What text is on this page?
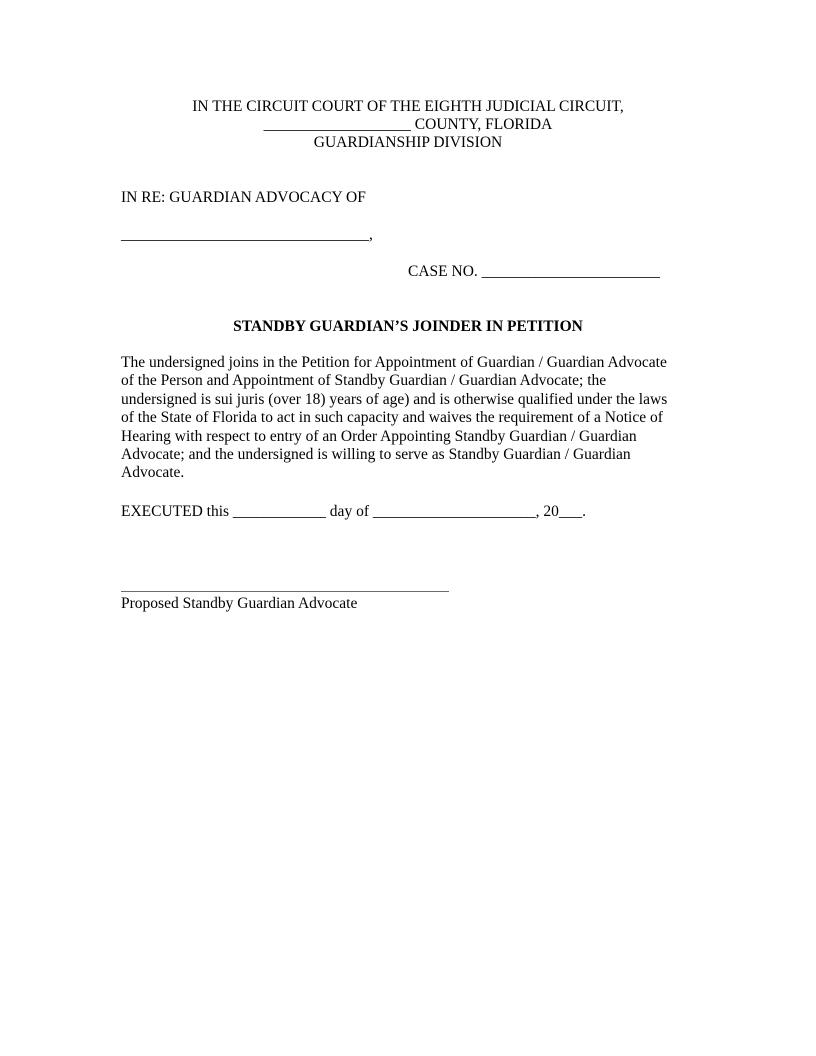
IN THE CIRCUIT COURT OF THE EIGHTH JUDICIAL CIRCUIT,

___________________ COUNTY, FLORIDA

GUARDIANSHIP DIVISION

IN RE: GUARDIAN ADVOCACY OF

________________________________,

CASE NO. _______________________

STANDBY GUARDIAN’S JOINDER IN PETITION

The undersigned joins in the Petition for Appointment of Guardian / Guardian Advocate
of the Person and Appointment of Standby Guardian / Guardian Advocate; the
undersigned is sui juris (over 18) years of age) and is otherwise qualified under the laws
of the State of Florida to act in such capacity and waives the requirement of a Notice of
Hearing with respect to entry of an Order Appointing Standby Guardian / Guardian
Advocate; and the undersigned is willing to serve as Standby Guardian / Guardian
Advocate.

EXECUTED this ____________ day of _____________________, 20___.

Proposed Standby Guardian Advocate
